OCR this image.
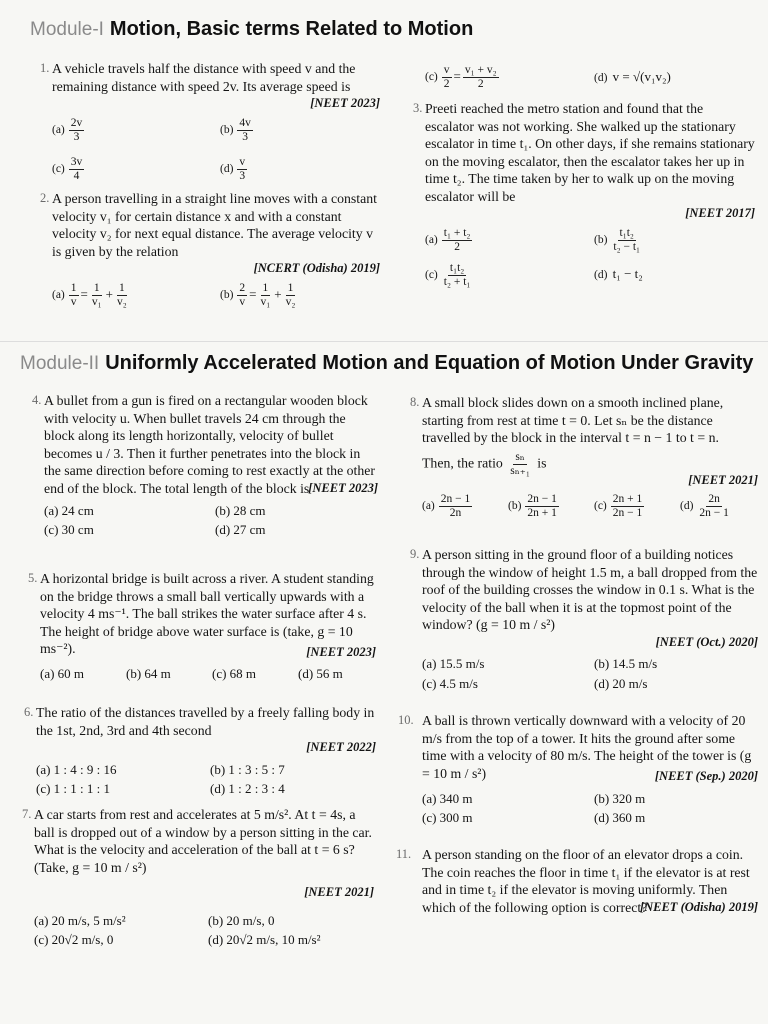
Module-I Motion, Basic terms Related to Motion
1. A vehicle travels half the distance with speed v and the remaining distance with speed 2v. Its average speed is
[NEET 2023]
$(a) \frac{2v}{3}$	$(b) \frac{4v}{3}$
$(c) \frac{3v}{4}$	$(d) \frac{v}{3}$
2. A person travelling in a straight line moves with a constant velocity v₁ for certain distance x and with a constant velocity v₂ for next equal distance. The average velocity v is given by the relation
[NCERT (Odisha) 2019]
$(a) \frac{1}{v} = \frac{1}{\text{v₁}} + \frac{1}{\text{v₂}}$	$(b) \frac{2}{v} = \frac{1}{\text{v₁}} + \frac{1}{\text{v₂}}$
$(c) \frac{v}{2} = \frac{\text{v₁ + v₂}}{2}$	(d) v = √(v₁v₂)
3. Preeti reached the metro station and found that the escalator was not working. She walked up the stationary escalator in time t₁. On other days, if she remains stationary on the moving escalator, then the escalator takes her up in time t₂. The time taken by her to walk up on the moving escalator will be
[NEET 2017]
$(a) \frac{\text{t₁ + t₂}}{2}$	$(b) \frac{\text{t₁t₂}}{\text{t₂ − t₁}}$
$(c) \frac{\text{t₁t₂}}{\text{t₂ + t₁}}$	(d) t₁ − t₂
Module-II Uniformly Accelerated Motion and Equation of Motion Under Gravity
4. A bullet from a gun is fired on a rectangular wooden block with velocity u. When bullet travels 24 cm through the block along its length horizontally, velocity of bullet becomes u / 3. Then it further penetrates into the block in the same direction before coming to rest exactly at the other end of the block. The total length of the block is
[NEET 2023]
(a) 24 cm	(b) 28 cm
(c) 30 cm	(d) 27 cm
5. A horizontal bridge is built across a river. A student standing on the bridge throws a small ball vertically upwards with a velocity 4 ms⁻¹. The ball strikes the water surface after 4 s. The height of bridge above water surface is (take, g = 10 ms⁻²).	[NEET 2023]
(a) 60 m	(b) 64 m	(c) 68 m	(d) 56 m
6. The ratio of the distances travelled by a freely falling body in the 1st, 2nd, 3rd and 4th second
[NEET 2022]
(a) 1 : 4 : 9 : 16	(b) 1 : 3 : 5 : 7
(c) 1 : 1 : 1 : 1	(d) 1 : 2 : 3 : 4
7. A car starts from rest and accelerates at 5 m/s². At t = 4s, a ball is dropped out of a window by a person sitting in the car. What is the velocity and acceleration of the ball at t = 6 s? (Take, g = 10 m / s²)
[NEET 2021]
(a) 20 m/s, 5 m/s²	(b) 20 m/s, 0
(c) 20√2 m/s, 0	(d) 20√2 m/s, 10 m/s²
8. A small block slides down on a smooth inclined plane, starting from rest at time t = 0. Let sₙ be the distance travelled by the block in the interval t = n − 1 to t = n.
Then, the ratio $\frac{\text{sₙ}}{\text{sₙ₊₁}}$ is
[NEET 2021]
$(a) \frac{2n - 1}{2n}$	$(b) \frac{2n - 1}{2n + 1}$	$(c) \frac{2n + 1}{2n - 1}$	$(d) \frac{2n}{2n - 1}$
9. A person sitting in the ground floor of a building notices through the window of height 1.5 m, a ball dropped from the roof of the building crosses the window in 0.1 s. What is the velocity of the ball when it is at the topmost point of the window? (g = 10 m / s²)
[NEET (Oct.) 2020]
(a) 15.5 m/s	(b) 14.5 m/s
(c) 4.5 m/s	(d) 20 m/s
10. A ball is thrown vertically downward with a velocity of 20 m/s from the top of a tower. It hits the ground after some time with a velocity of 80 m/s. The height of the tower is (g = 10 m / s²)	[NEET (Sep.) 2020]
(a) 340 m	(b) 320 m
(c) 300 m	(d) 360 m
11. A person standing on the floor of an elevator drops a coin. The coin reaches the floor in time t₁ if the elevator is at rest and in time t₂ if the elevator is moving uniformly. Then which of the following option is correct?
[NEET (Odisha) 2019]
